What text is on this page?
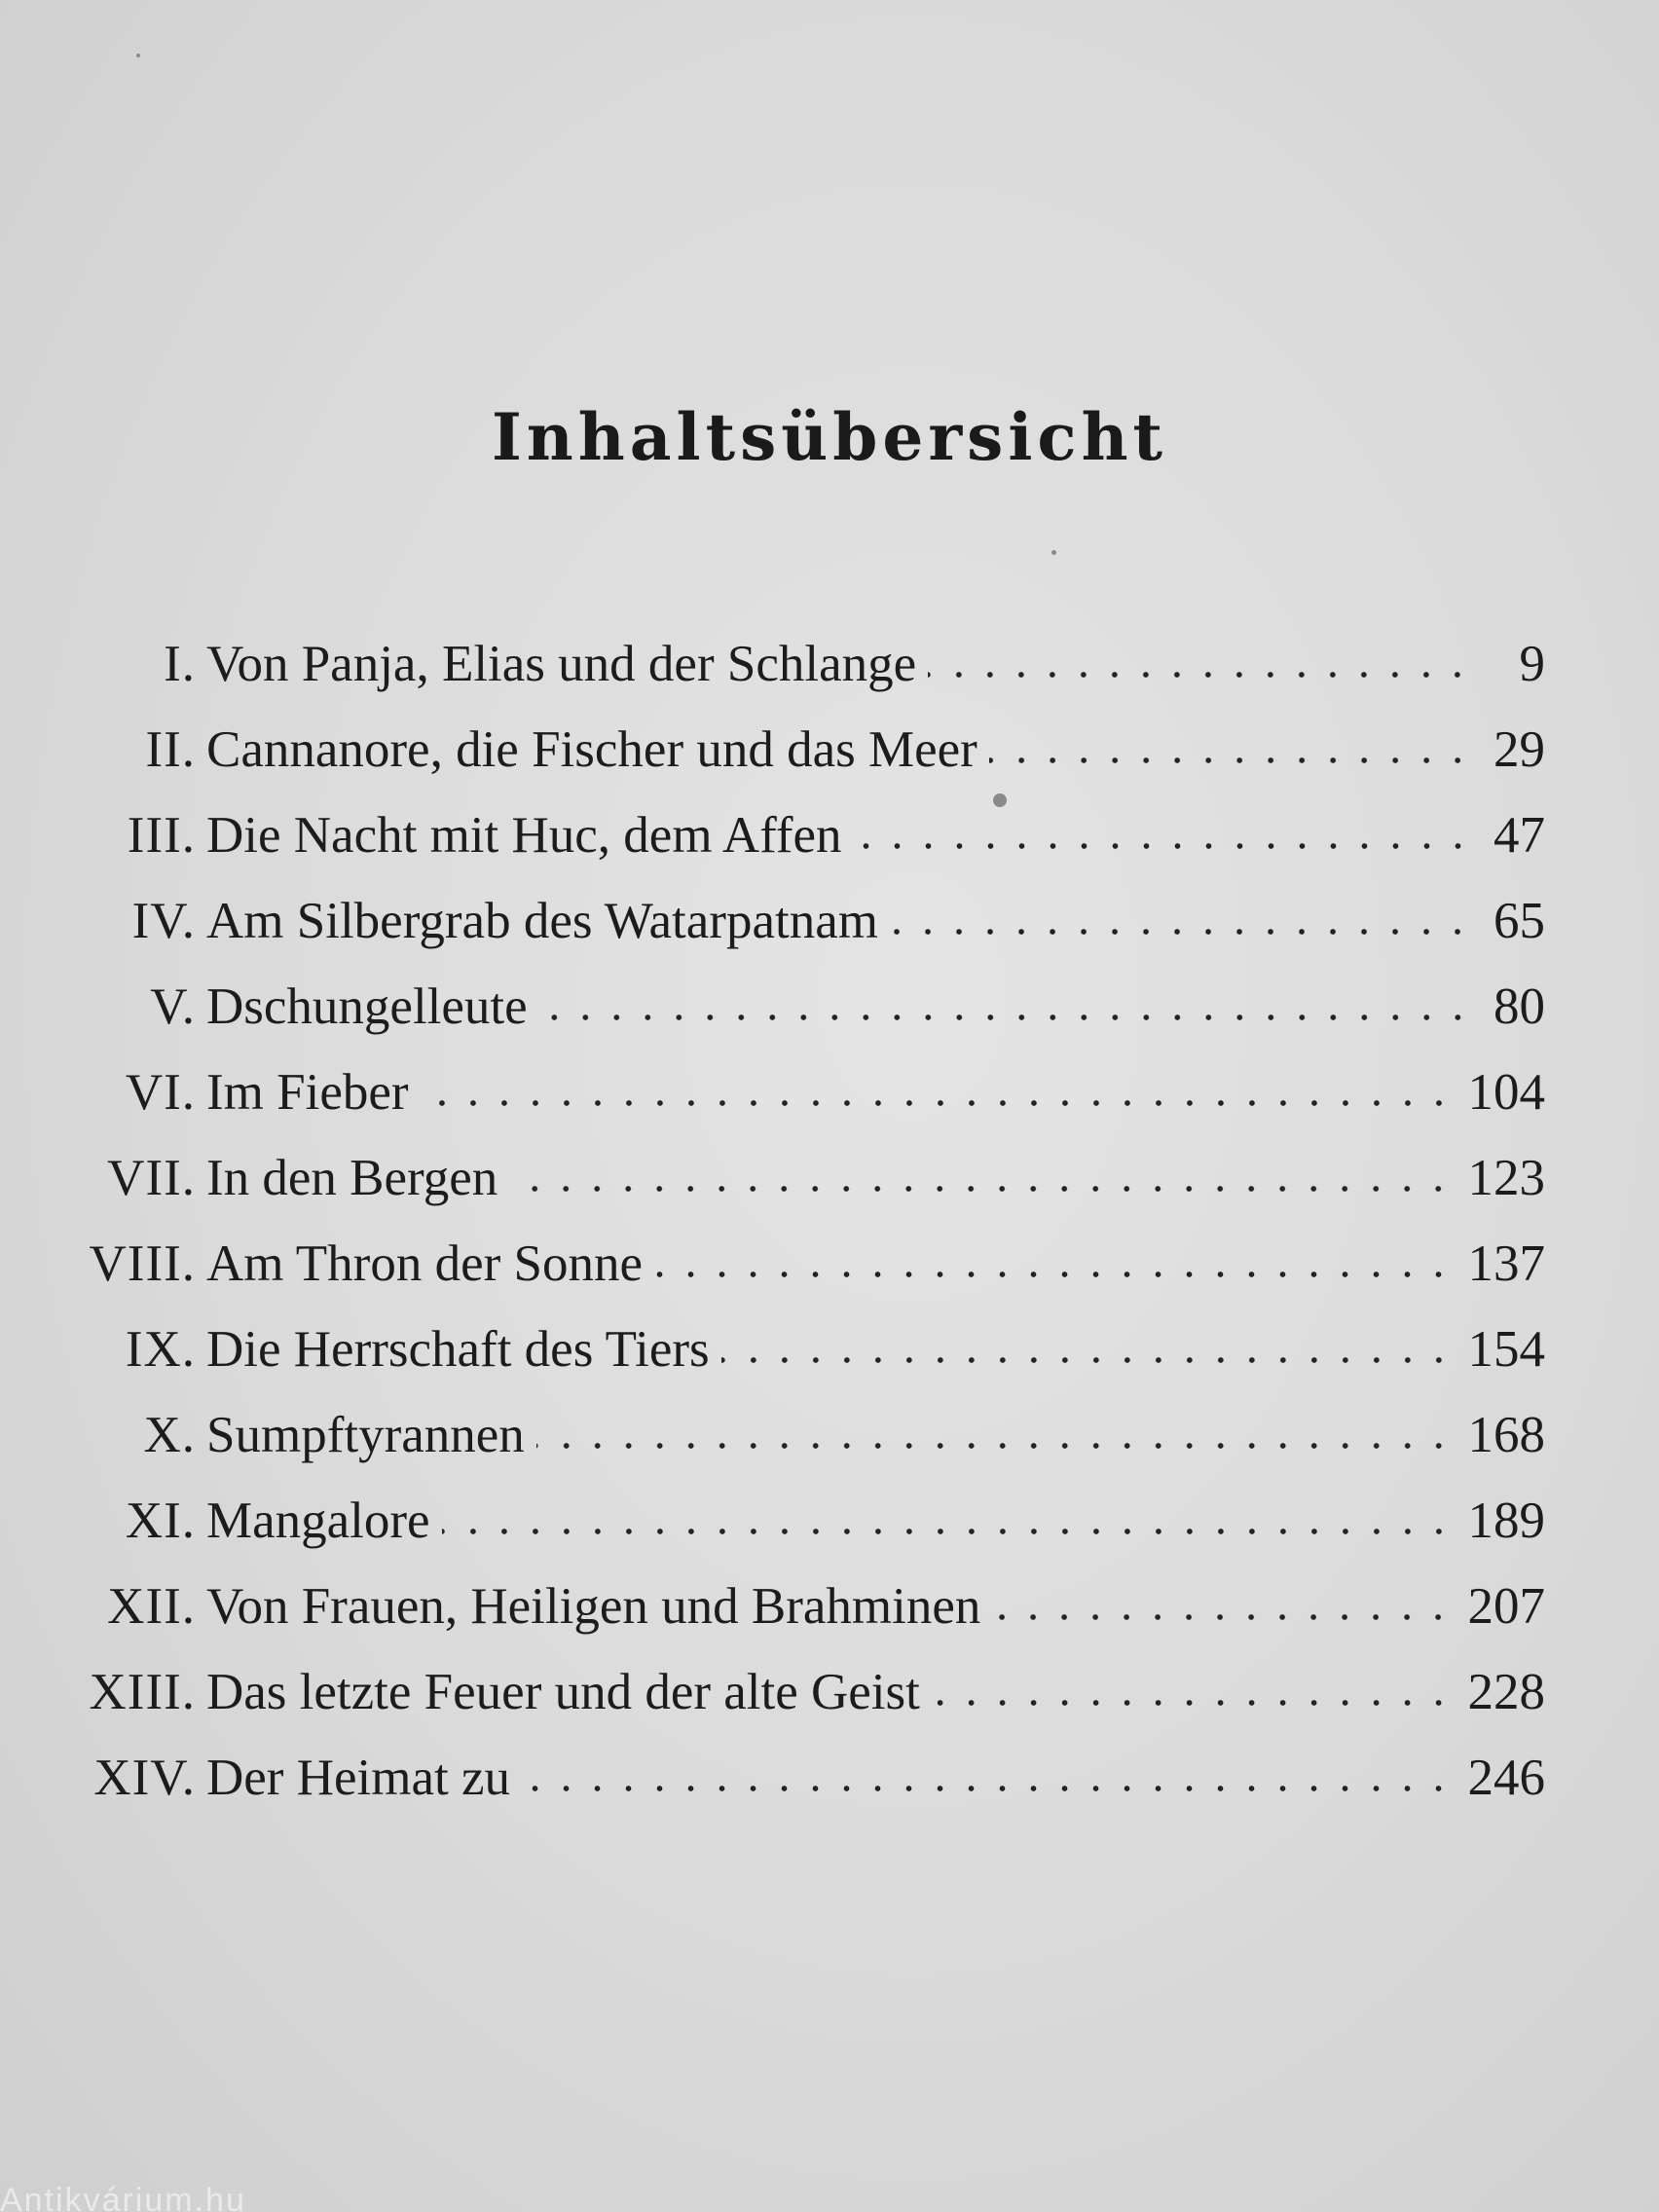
Inhaltsübersicht
I. Von Panja, Elias und der Schlange	9
II. Cannanore, die Fischer und das Meer	29
III. Die Nacht mit Huc, dem Affen	47
IV. Am Silbergrab des Watarpatnam	65
V. Dschungelleute	80
VI. Im Fieber	104
VII. In den Bergen	123
VIII. Am Thron der Sonne	137
IX. Die Herrschaft des Tiers	154
X. Sumpftyrannen	168
XI. Mangalore	189
XII. Von Frauen, Heiligen und Brahminen	207
XIII. Das letzte Feuer und der alte Geist	228
XIV. Der Heimat zu	246
Antikvárium.hu
